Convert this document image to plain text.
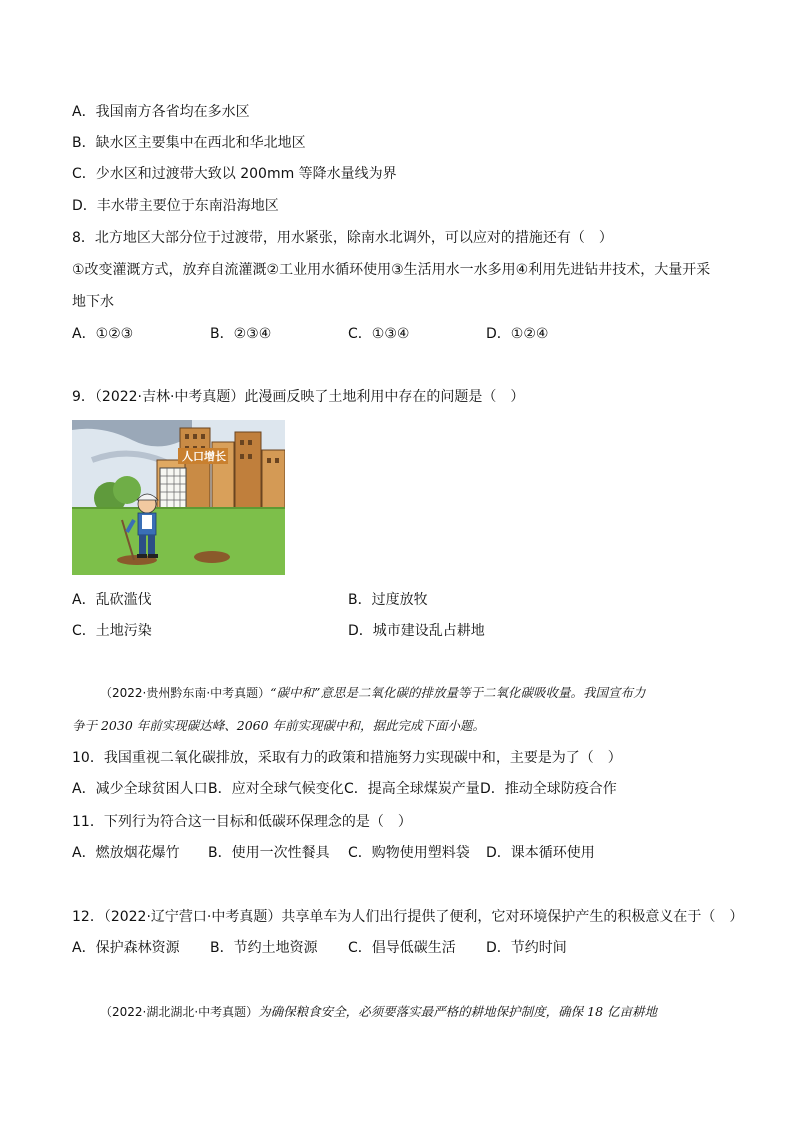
A．我国南方各省均在多水区
B．缺水区主要集中在西北和华北地区
C．少水区和过渡带大致以 200mm 等降水量线为界
D．丰水带主要位于东南沿海地区
8．北方地区大部分位于过渡带，用水紧张，除南水北调外，可以应对的措施还有（　）
①改变灌溉方式，放弃自流灌溉②工业用水循环使用③生活用水一水多用④利用先进钻井技术，大量开采
地下水
A．①②③	B．②③④	C．①③④	D．①②④
9．（2022·吉林·中考真题）此漫画反映了土地利用中存在的问题是（　）
人口增长
A．乱砍滥伐	B．过度放牧
C．土地污染	D．城市建设乱占耕地
（2022·贵州黔东南·中考真题）“碳中和”意思是二氧化碳的排放量等于二氧化碳吸收量。我国宣布力
争于 2030 年前实现碳达峰、2060 年前实现碳中和，据此完成下面小题。
10．我国重视二氧化碳排放，采取有力的政策和措施努力实现碳中和，主要是为了（　）
A．减少全球贫困人口 B．应对全球气候变化 C．提高全球煤炭产量 D．推动全球防疫合作
11．下列行为符合这一目标和低碳环保理念的是（　）
A．燃放烟花爆竹 B．使用一次性餐具 C．购物使用塑料袋 D．课本循环使用
12．（2022·辽宁营口·中考真题）共享单车为人们出行提供了便利，它对环境保护产生的积极意义在于（　）
A．保护森林资源 B．节约土地资源 C．倡导低碳生活 D．节约时间
（2022·湖北湖北·中考真题）为确保粮食安全，必须要落实最严格的耕地保护制度，确保 18 亿亩耕地
